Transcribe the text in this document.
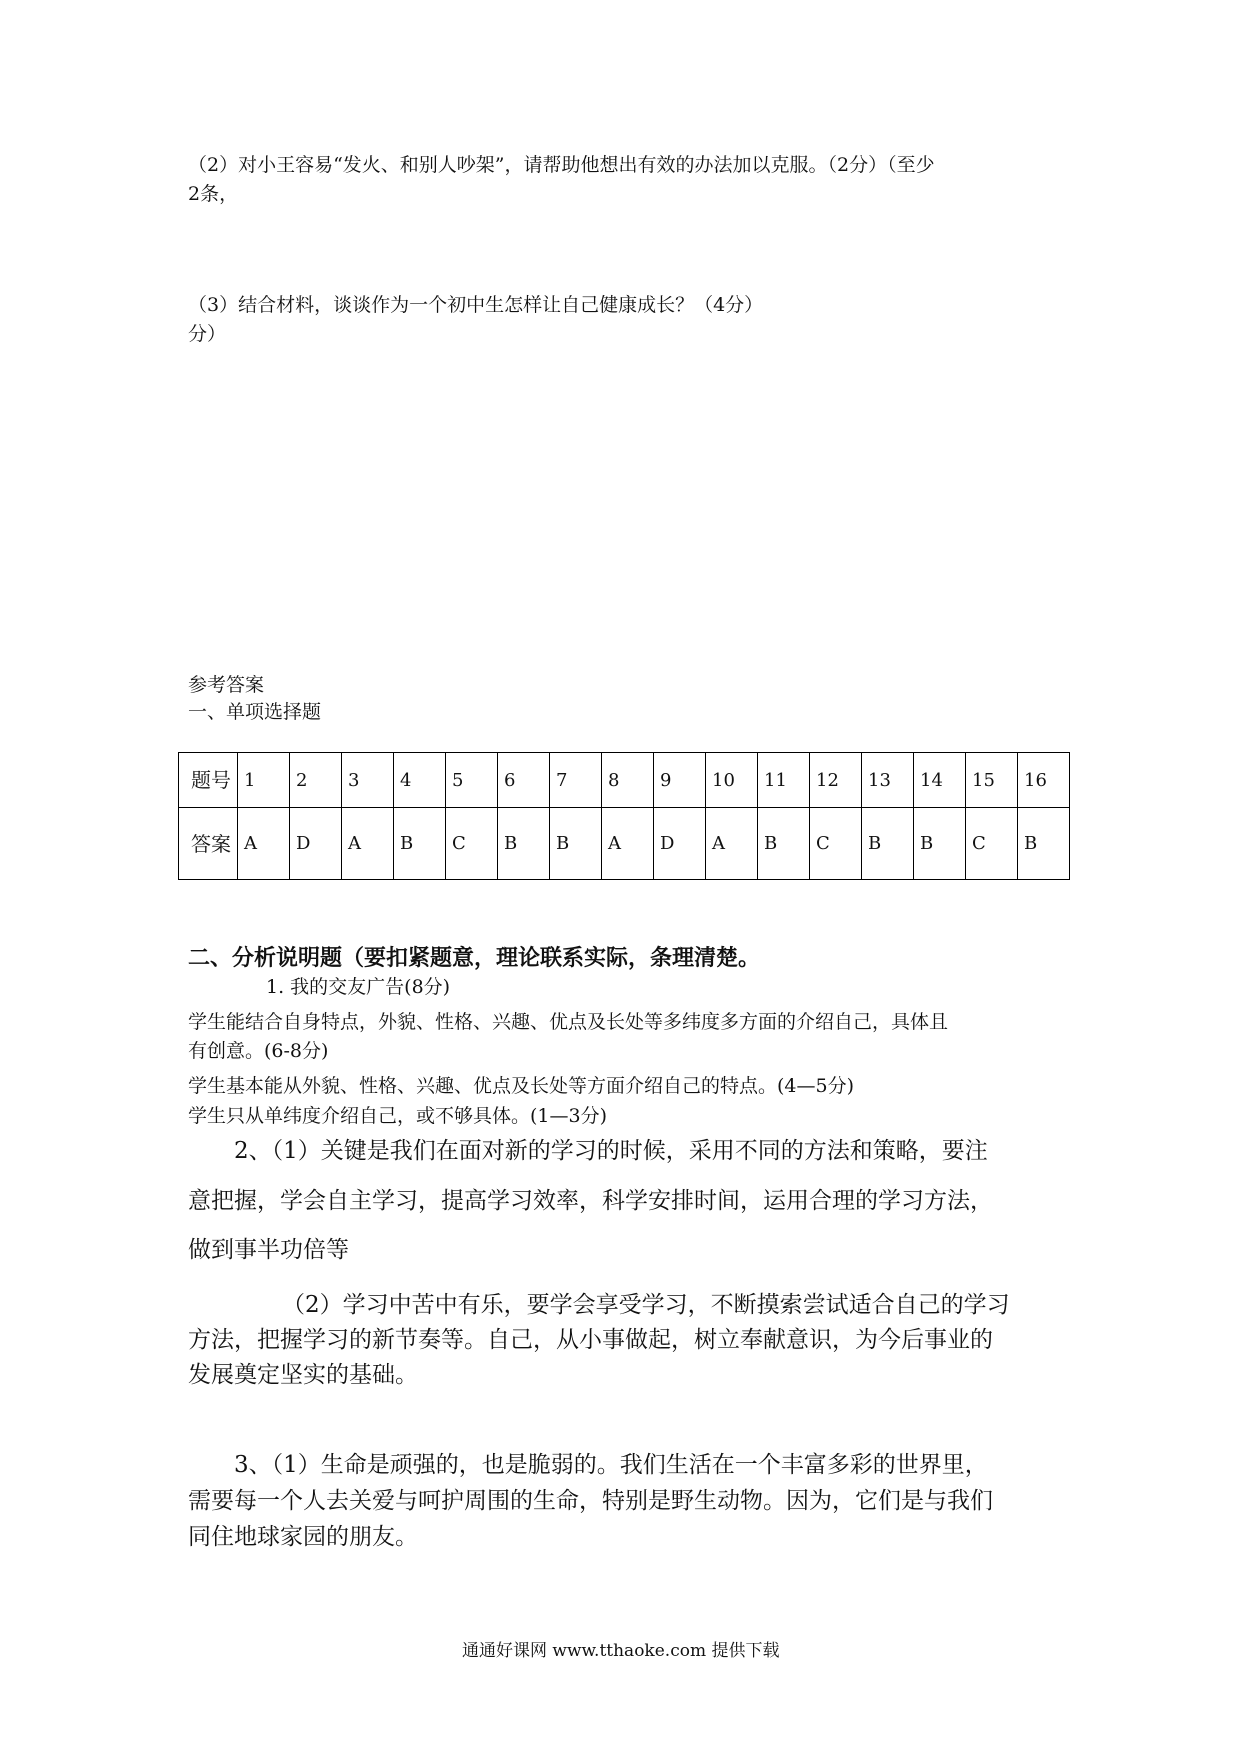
（2）对小王容易“发火、和别人吵架”，请帮助他想出有效的办法加以克服。（2分）（至少
2条，
（3）结合材料，谈谈作为一个初中生怎样让自己健康成长？（4分）
分）
参考答案
一、单项选择题
题号	1	2	3	4	5	6	7	8	9	10	11	12	13	14	15	16
答案	A	D	A	B	C	B	B	A	D	A	B	C	B	B	C	B
二、分析说明题（要扣紧题意，理论联系实际，条理清楚。
1. 我的交友广告(8分)
学生能结合自身特点，外貌、性格、兴趣、优点及长处等多纬度多方面的介绍自己，具体且
有创意。(6-8分)
学生基本能从外貌、性格、兴趣、优点及长处等方面介绍自己的特点。(4—5分)
学生只从单纬度介绍自己，或不够具体。(1—3分)
2、（1）关键是我们在面对新的学习的时候，采用不同的方法和策略，要注
意把握，学会自主学习，提高学习效率，科学安排时间，运用合理的学习方法，
做到事半功倍等
（2）学习中苦中有乐，要学会享受学习，不断摸索尝试适合自己的学习
方法，把握学习的新节奏等。自己，从小事做起，树立奉献意识，为今后事业的
发展奠定坚实的基础。
3、（1）生命是顽强的，也是脆弱的。我们生活在一个丰富多彩的世界里，
需要每一个人去关爱与呵护周围的生命，特别是野生动物。因为，它们是与我们
同住地球家园的朋友。
通通好课网 www.tthaoke.com 提供下载
